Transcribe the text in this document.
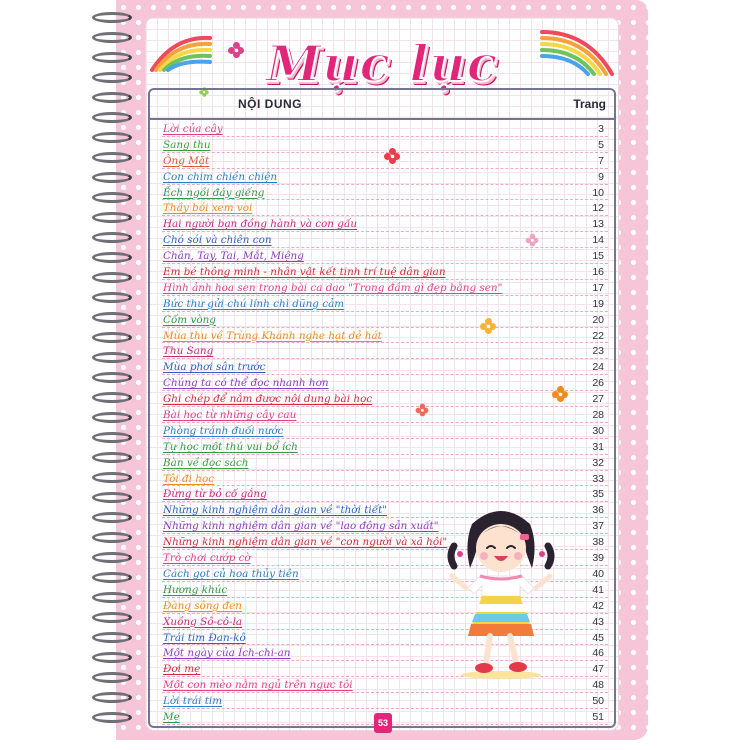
Mục lục
NỘI DUNG	Trang
Lời của cây	3
Sang thu	5
Ông Mặt	7
Con chim chiền chiện	9
Ếch ngồi đáy giếng	10
Thầy bói xem voi	12
Hai người bạn đồng hành và con gấu	13
Chó sói và chiên con	14
Chân, Tay, Tai, Mắt, Miệng	15
Em bé thông minh - nhân vật kết tinh trí tuệ dân gian	16
Hình ảnh hoa sen trong bài ca dao "Trong đầm gì đẹp bằng sen"	17
Bức thư gửi chú lính chì dũng cảm	19
Cốm vòng	20
Mùa thu về Trùng Khánh nghe hạt dẻ hát	22
Thu Sang	23
Mùa phơi sân trước	24
Chúng ta có thể đọc nhanh hơn	26
Ghi chép để nắm được nội dung bài học	27
Bài học từ những cây cau	28
Phòng tránh đuối nước	30
Tự học một thú vui bổ ích	31
Bàn về đọc sách	32
Tôi đi học	33
Đừng từ bỏ cố gắng	35
Những kinh nghiệm dân gian về "thời tiết"	36
Những kinh nghiệm dân gian về "lao động sản xuất"	37
Những kinh nghiệm dân gian về "con người và xã hội"	38
Trò chơi cướp cờ	39
Cách gọt củ hoa thủy tiên	40
Hương khúc	41
Đàng sông đen	42
Xuồng Sô-cô-la	43
Trái tim Đan-kô	45
Một ngày của Ích-chi-an	46
Đợi mẹ	47
Một con mèo nằm ngủ trên ngực tôi	48
Lời trái tim	50
Mẹ	51
53
